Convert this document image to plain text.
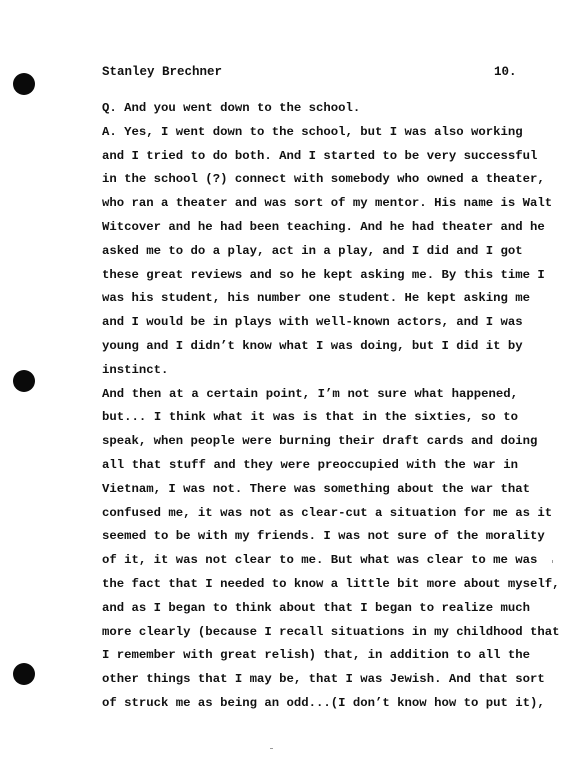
Stanley Brechner	10.
Q. And you went down to the school.
A. Yes, I went down to the school, but I was also working
and I tried to do both. And I started to be very successful
in the school (?) connect with somebody who owned a theater,
who ran a theater and was sort of my mentor. His name is Walt
Witcover and he had been teaching. And he had theater and he
asked me to do a play, act in a play, and I did and I got
these great reviews and so he kept asking me. By this time I
was his student, his number one student. He kept asking me
and I would be in plays with well-known actors, and I was
young and I didn’t know what I was doing, but I did it by
instinct.
And then at a certain point, I’m not sure what happened,
but... I think what it was is that in the sixties, so to
speak, when people were burning their draft cards and doing
all that stuff and they were preoccupied with the war in
Vietnam, I was not. There was something about the war that
confused me, it was not as clear-cut a situation for me as it
seemed to be with my friends. I was not sure of the morality
of it, it was not clear to me. But what was clear to me was
the fact that I needed to know a little bit more about myself,
and as I began to think about that I began to realize much
more clearly (because I recall situations in my childhood that
I remember with great relish) that, in addition to all the
other things that I may be, that I was Jewish. And that sort
of struck me as being an odd...(I don’t know how to put it),
